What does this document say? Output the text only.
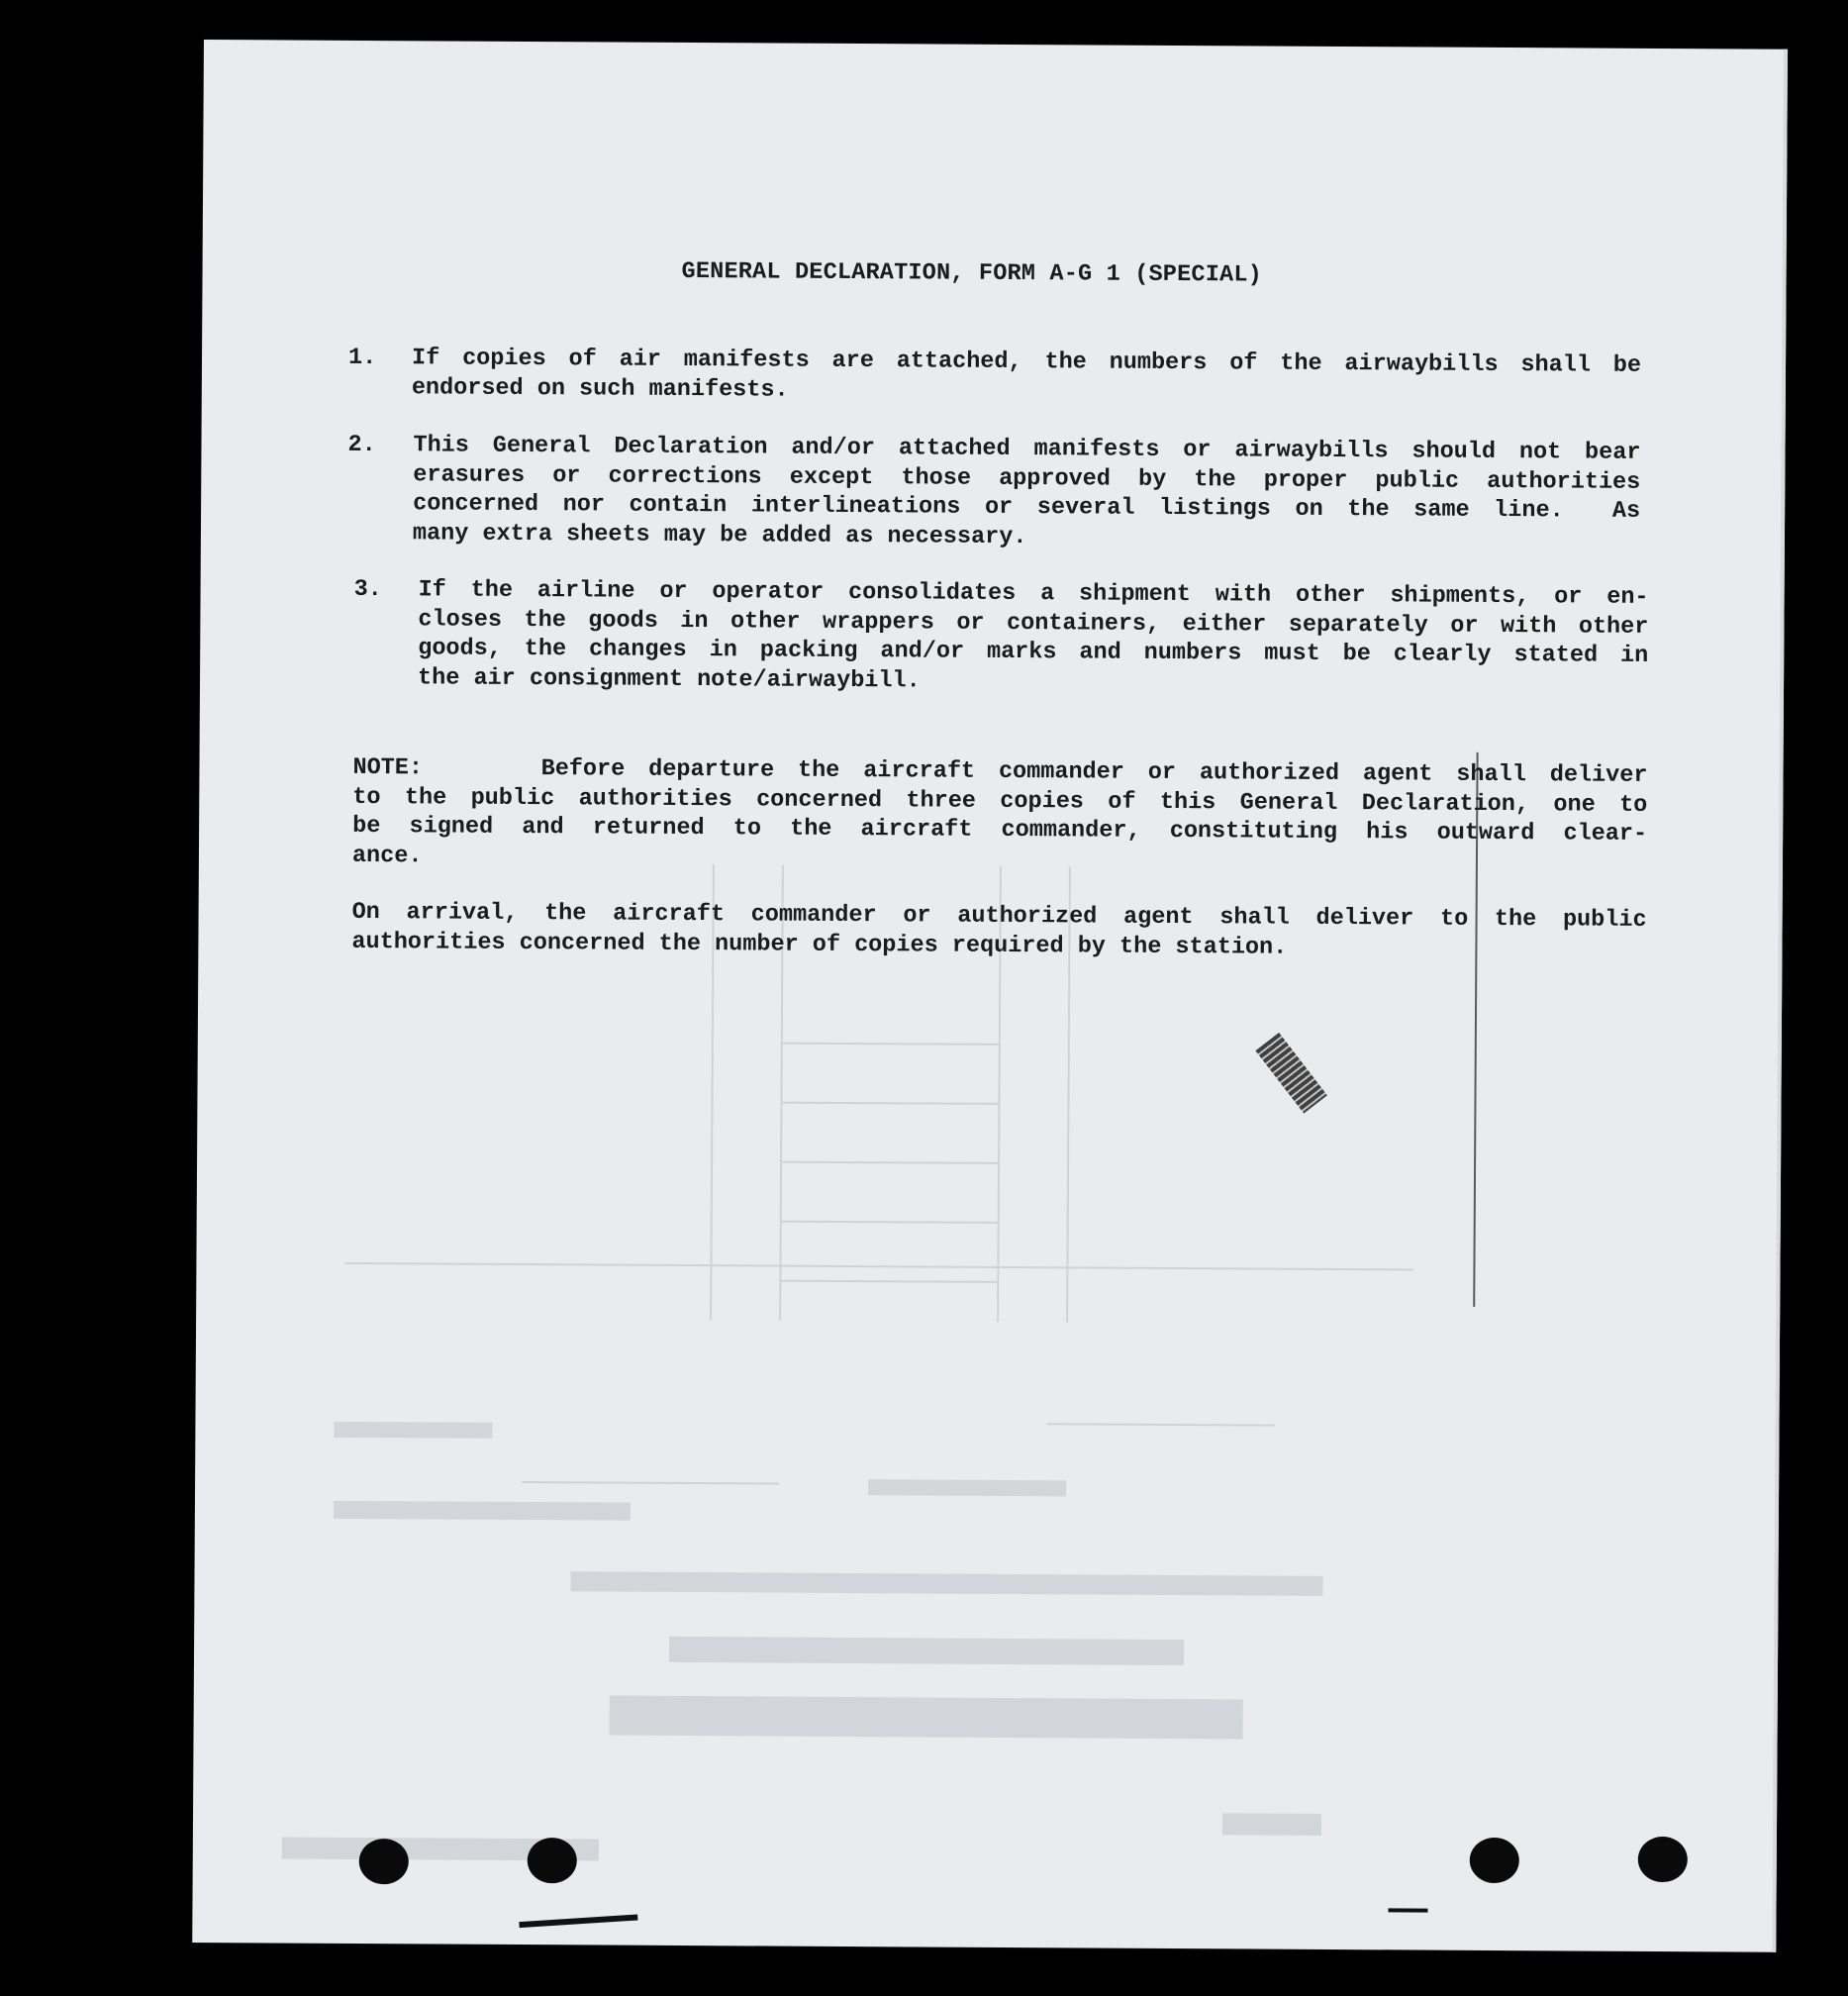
GENERAL DECLARATION, FORM A-G 1 (SPECIAL)
1. If copies of air manifests are attached, the numbers of the airwaybills shall be
endorsed on such manifests.
2. This General Declaration and/or attached manifests or airwaybills should not bear
erasures or corrections except those approved by the proper public authorities
concerned nor contain interlineations or several listings on the same line.  As
many extra sheets may be added as necessary.
3. If the airline or operator consolidates a shipment with other shipments, or en-
closes the goods in other wrappers or containers, either separately or with other
goods, the changes in packing and/or marks and numbers must be clearly stated in
the air consignment note/airwaybill.
NOTE:     Before departure the aircraft commander or authorized agent shall deliver
to the public authorities concerned three copies of this General Declaration, one to
be signed and returned to the aircraft commander, constituting his outward clear-
ance.
On arrival, the aircraft commander or authorized agent shall deliver to the public
authorities concerned the number of copies required by the station.
